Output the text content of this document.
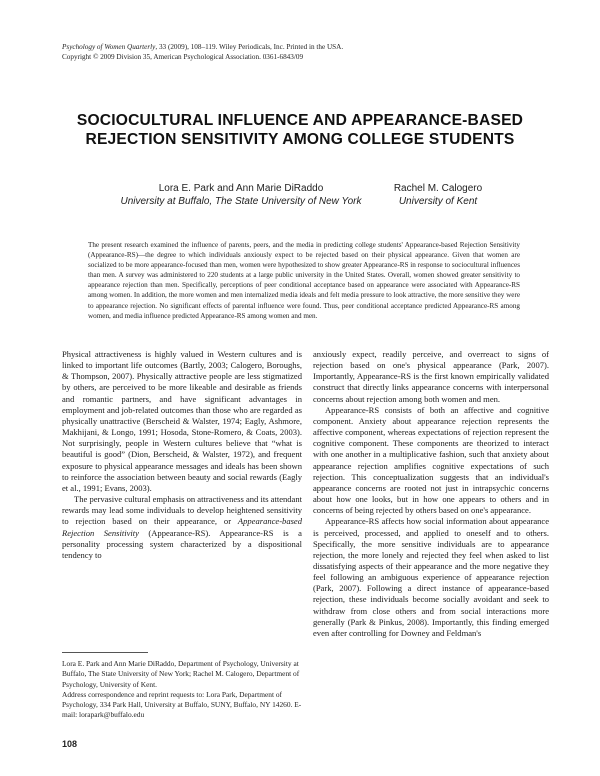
Psychology of Women Quarterly, 33 (2009), 108–119. Wiley Periodicals, Inc. Printed in the USA.
Copyright © 2009 Division 35, American Psychological Association. 0361-6843/09
SOCIOCULTURAL INFLUENCE AND APPEARANCE-BASED
REJECTION SENSITIVITY AMONG COLLEGE STUDENTS
Lora E. Park and Ann Marie DiRaddo
University at Buffalo, The State University of New York
Rachel M. Calogero
University of Kent
The present research examined the influence of parents, peers, and the media in predicting college students' Appearance-based Rejection Sensitivity (Appearance-RS)—the degree to which individuals anxiously expect to be rejected based on their physical appearance. Given that women are socialized to be more appearance-focused than men, women were hypothesized to show greater Appearance-RS in response to sociocultural influences than men. A survey was administered to 220 students at a large public university in the United States. Overall, women showed greater sensitivity to appearance rejection than men. Specifically, perceptions of peer conditional acceptance based on appearance were associated with Appearance-RS among women. In addition, the more women and men internalized media ideals and felt media pressure to look attractive, the more sensitive they were to appearance rejection. No significant effects of parental influence were found. Thus, peer conditional acceptance predicted Appearance-RS among women, and media influence predicted Appearance-RS among women and men.

Physical attractiveness is highly valued in Western cultures and is linked to important life outcomes (Bartly, 2003; Calogero, Boroughs, & Thompson, 2007). Physically attractive people are less stigmatized by others, are perceived to be more likeable and desirable as friends and romantic partners, and have significant advantages in employment and job-related outcomes than those who are regarded as physically unattractive (Berscheid & Walster, 1974; Eagly, Ashmore, Makhijani, & Longo, 1991; Hosoda, Stone-Romero, & Coats, 2003). Not surprisingly, people in Western cultures believe that “what is beautiful is good” (Dion, Berscheid, & Walster, 1972), and frequent exposure to physical appearance messages and ideals has been shown to reinforce the association between beauty and social rewards (Eagly et al., 1991; Evans, 2003).

The pervasive cultural emphasis on attractiveness and its attendant rewards may lead some individuals to develop heightened sensitivity to rejection based on their appearance, or Appearance-based Rejection Sensitivity (Appearance-RS). Appearance-RS is a personality processing system characterized by a dispositional tendency to

Lora E. Park and Ann Marie DiRaddo, Department of Psychology, University at Buffalo, The State University of New York; Rachel M. Calogero, Department of Psychology, University of Kent.

Address correspondence and reprint requests to: Lora Park, Department of Psychology, 334 Park Hall, University at Buffalo, SUNY, Buffalo, NY 14260. E-mail: lorapark@buffalo.edu

anxiously expect, readily perceive, and overreact to signs of rejection based on one's physical appearance (Park, 2007). Importantly, Appearance-RS is the first known empirically validated construct that directly links appearance concerns with interpersonal concerns about rejection among both women and men.

Appearance-RS consists of both an affective and cognitive component. Anxiety about appearance rejection represents the affective component, whereas expectations of rejection represent the cognitive component. These components are theorized to interact with one another in a multiplicative fashion, such that anxiety about appearance rejection amplifies cognitive expectations of such rejection. This conceptualization suggests that an individual's appearance concerns are rooted not just in intrapsychic concerns about how one looks, but in how one appears to others and in concerns of being rejected by others based on one's appearance.

Appearance-RS affects how social information about appearance is perceived, processed, and applied to oneself and to others. Specifically, the more sensitive individuals are to appearance rejection, the more lonely and rejected they feel when asked to list dissatisfying aspects of their appearance and the more negative they feel following an ambiguous experience of appearance rejection (Park, 2007). Following a direct instance of appearance-based rejection, these individuals become socially avoidant and seek to withdraw from close others and from social interactions more generally (Park & Pinkus, 2008). Importantly, this finding emerged even after controlling for Downey and Feldman's

108
